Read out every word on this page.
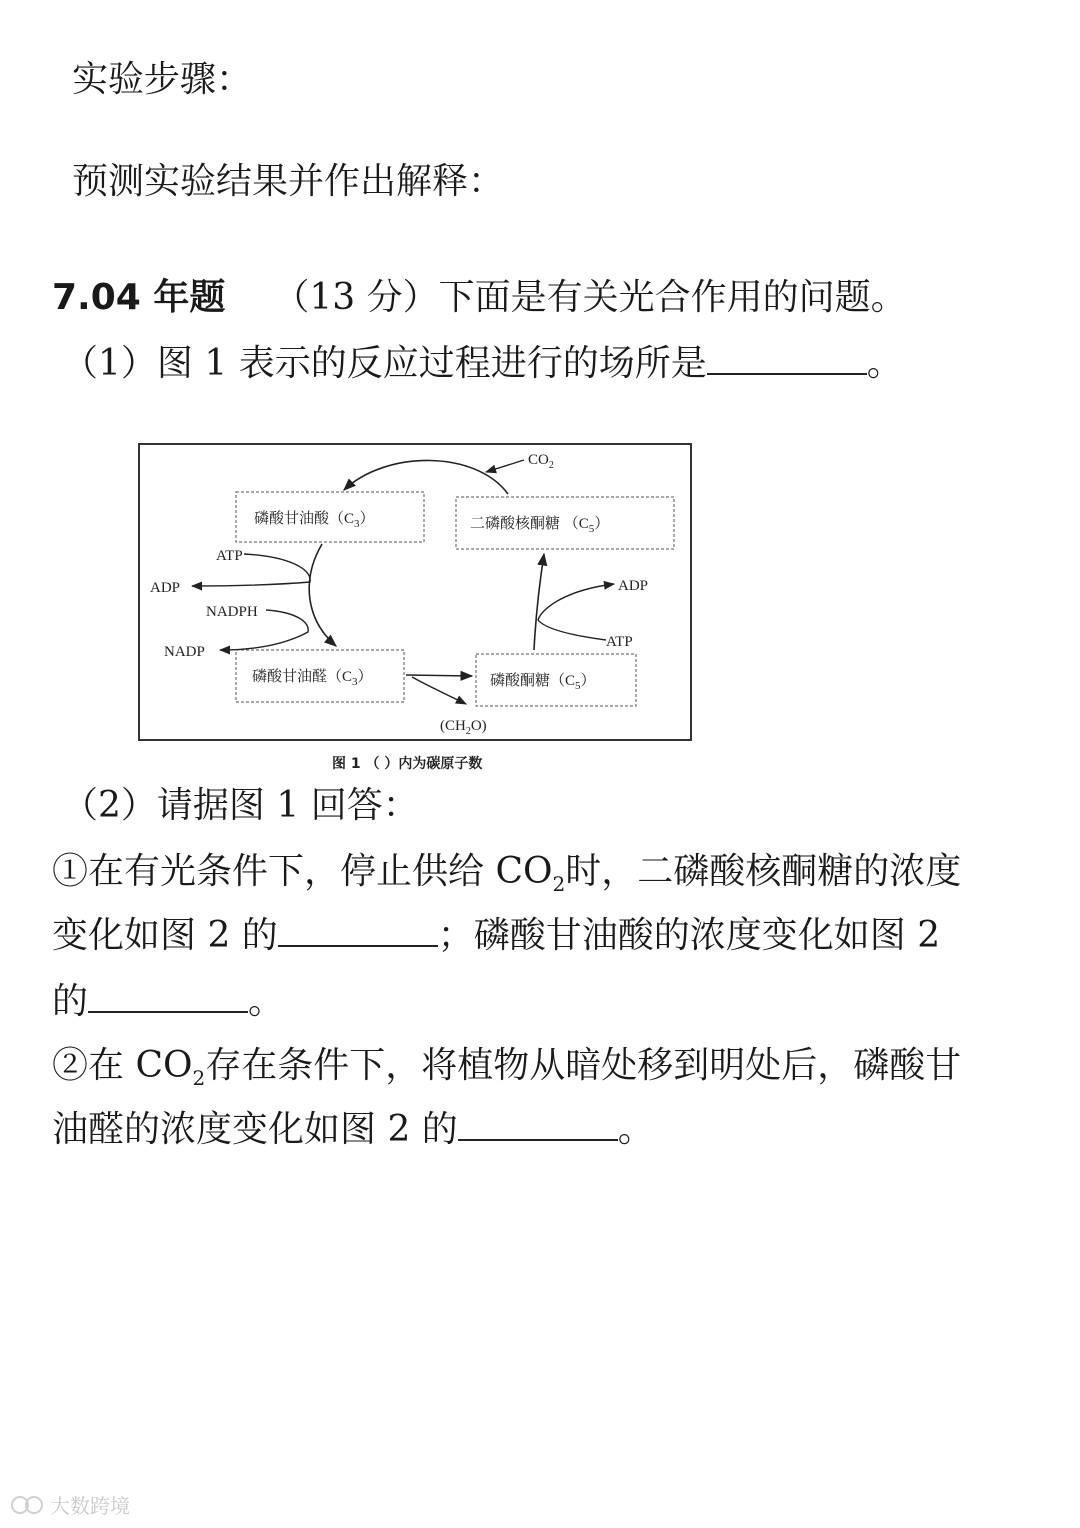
实验步骤：
预测实验结果并作出解释：
7.04 年题 （13 分）下面是有关光合作用的问题。
（1）图 1 表示的反应过程进行的场所是	。
磷酸甘油酸$(C_3)$	二磷酸核酮糖 $(C_5)$
磷酸甘油醛$(C_3)$	磷酸酮糖$(C_5)$
$CO_2$
ATP
ADP
NADPH
NADP
$(CH_2O)$
ADP
ATP
图 1 （ ）内为碳原子数
（2）请据图 1 回答：
①在有光条件下，停止供给 $CO_2$时，二磷酸核酮糖的浓度
变化如图 2 的	；磷酸甘油酸的浓度变化如图 2
的	。
②在 $CO_2$存在条件下，将植物从暗处移到明处后，磷酸甘
油醛的浓度变化如图 2 的	。
大数跨境
